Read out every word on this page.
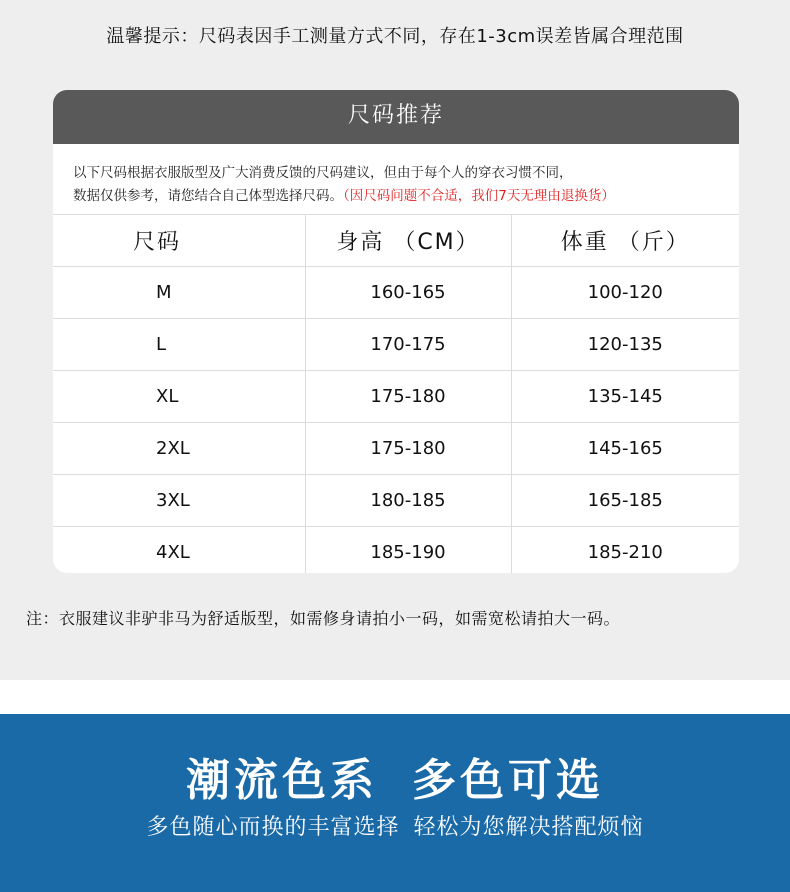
温馨提示：尺码表因手工测量方式不同，存在1-3cm误差皆属合理范围
尺码推荐
以下尺码根据衣服版型及广大消费反馈的尺码建议，但由于每个人的穿衣习惯不同，
数据仅供参考，请您结合自己体型选择尺码。（因尺码问题不合适，我们7天无理由退换货）
尺码	身高 （CM）	体重 （斤）
M	160-165	100-120
L	170-175	120-135
XL	175-180	135-145
2XL	175-180	145-165
3XL	180-185	165-185
4XL	185-190	185-210
注：衣服建议非驴非马为舒适版型，如需修身请拍小一码，如需宽松请拍大一码。
潮流色系 多色可选
多色随心而换的丰富选择 轻松为您解决搭配烦恼
